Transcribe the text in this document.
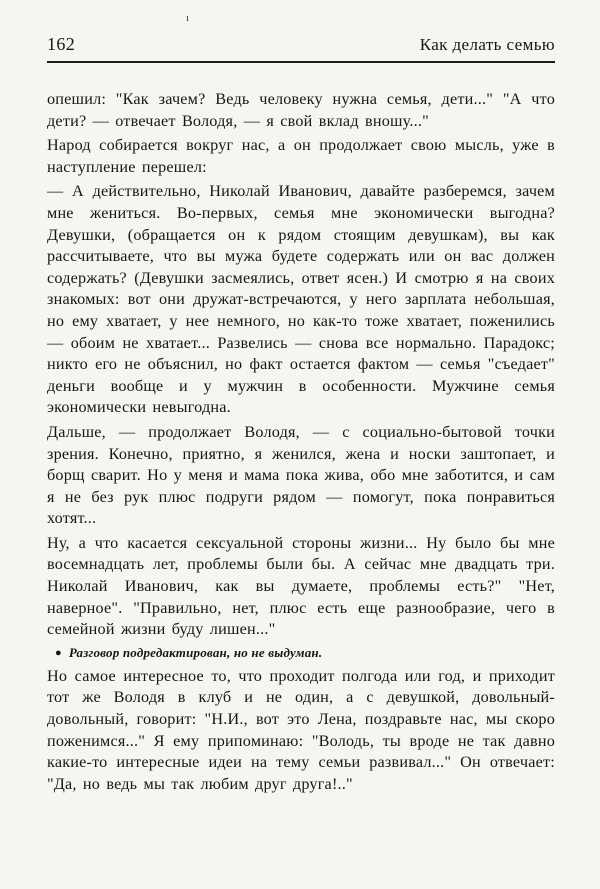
ı
162	Как делать семью

опешил: "Как зачем? Ведь человеку нужна семья, дети..." "А что дети? — отвечает Володя, — я свой вклад вношу..."

Народ собирается вокруг нас, а он продолжает свою мысль, уже в наступление перешел:

— А действительно, Николай Иванович, давайте разберемся, зачем мне жениться. Во-первых, семья мне экономически выгодна? Девушки, (обращается он к рядом стоящим девушкам), вы как рассчитываете, что вы мужа будете содержать или он вас должен содержать? (Девушки засмеялись, ответ ясен.) И смотрю я на своих знакомых: вот они дружат-встречаются, у него зарплата небольшая, но ему хватает, у нее немного, но как-то тоже хватает, поженились — обоим не хватает... Развелись — снова все нормально. Парадокс; никто его не объяснил, но факт остается фактом — семья "съедает" деньги вообще и у мужчин в особенности. Мужчине семья экономически невыгодна.

Дальше, — продолжает Володя, — с социально-бытовой точки зрения. Конечно, приятно, я женился, жена и носки заштопает, и борщ сварит. Но у меня и мама пока жива, обо мне заботится, и сам я не без рук плюс подруги рядом — помогут, пока понравиться хотят...

Ну, а что касается сексуальной стороны жизни... Ну было бы мне восемнадцать лет, проблемы были бы. А сейчас мне двадцать три. Николай Иванович, как вы думаете, проблемы есть?" "Нет, наверное". "Правильно, нет, плюс есть еще разнообразие, чего в семейной жизни буду лишен..."

● Разговор подредактирован, но не выдуман.

Но самое интересное то, что проходит полгода или год, и приходит тот же Володя в клуб и не один, а с девушкой, довольный-довольный, говорит: "Н.И., вот это Лена, поздравьте нас, мы скоро поженимся..." Я ему припоминаю: "Володь, ты вроде не так давно какие-то интересные идеи на тему семьи развивал..." Он отвечает: "Да, но ведь мы так любим друг друга!.."
